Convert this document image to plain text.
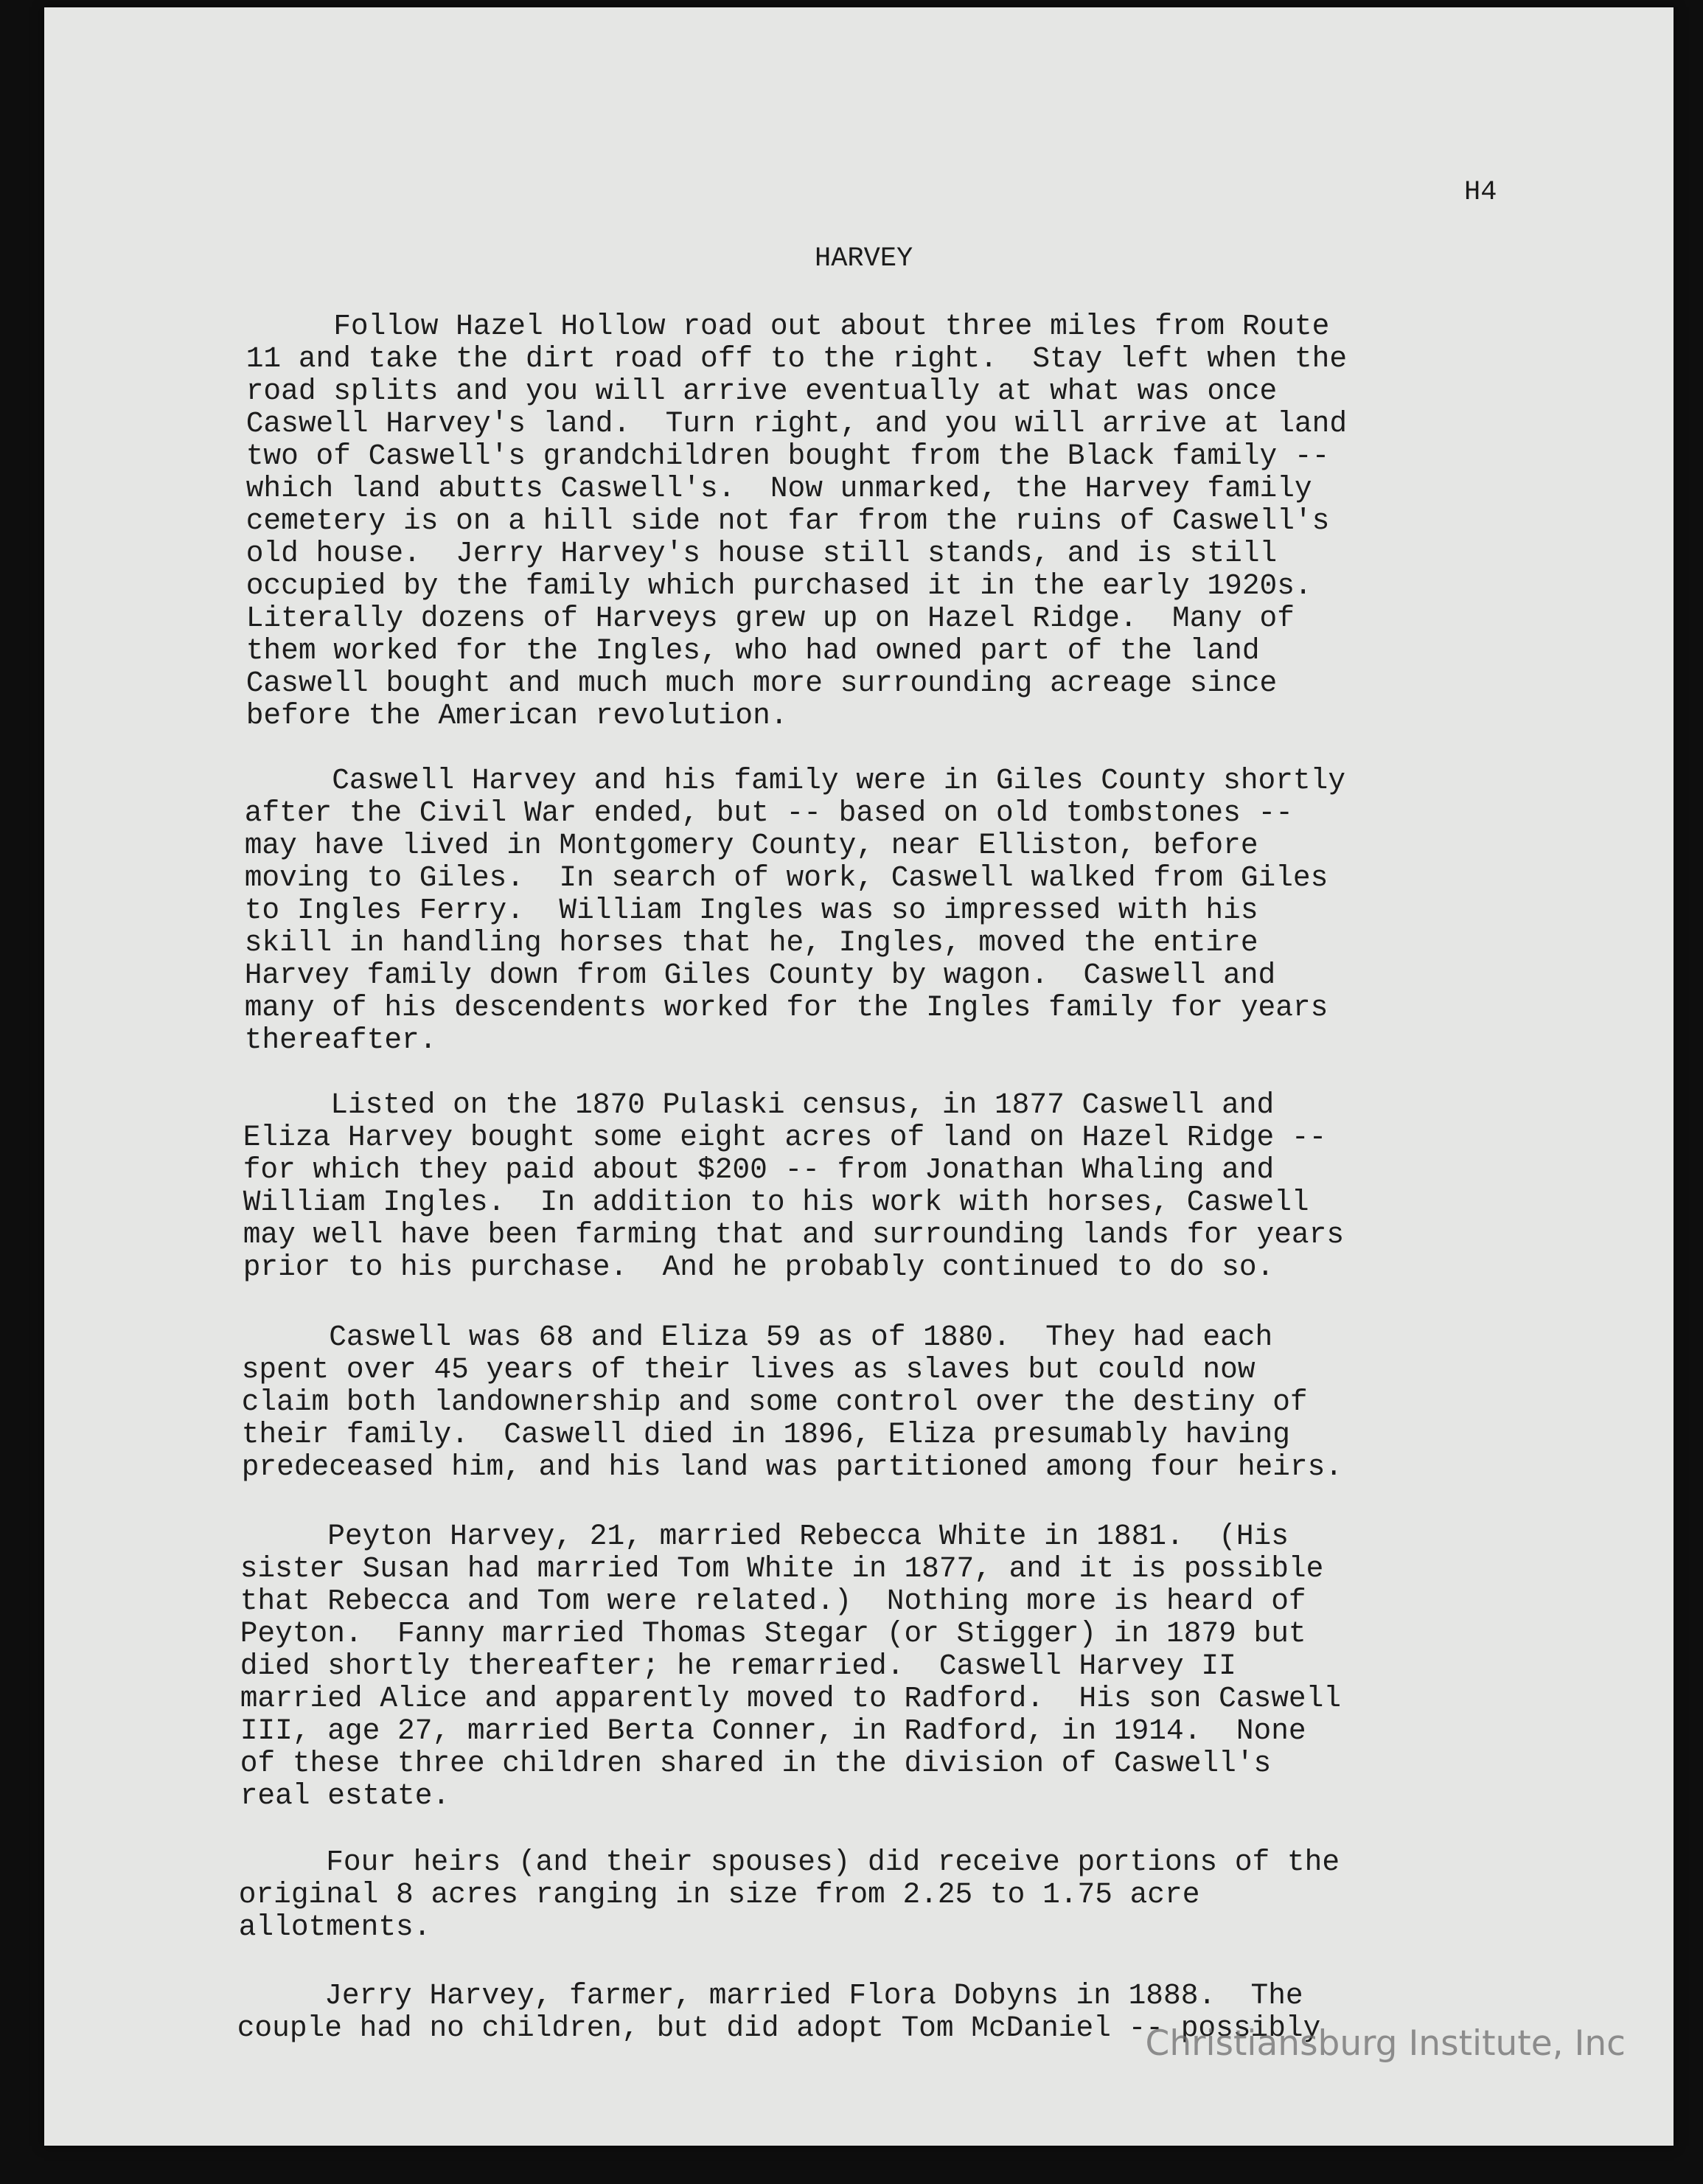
H4

HARVEY

Follow Hazel Hollow road out about three miles from Route
11 and take the dirt road off to the right.  Stay left when the
road splits and you will arrive eventually at what was once
Caswell Harvey's land.  Turn right, and you will arrive at land
two of Caswell's grandchildren bought from the Black family --
which land abutts Caswell's.  Now unmarked, the Harvey family
cemetery is on a hill side not far from the ruins of Caswell's
old house.  Jerry Harvey's house still stands, and is still
occupied by the family which purchased it in the early 1920s.
Literally dozens of Harveys grew up on Hazel Ridge.  Many of
them worked for the Ingles, who had owned part of the land
Caswell bought and much much more surrounding acreage since
before the American revolution.

Caswell Harvey and his family were in Giles County shortly
after the Civil War ended, but -- based on old tombstones --
may have lived in Montgomery County, near Elliston, before
moving to Giles.  In search of work, Caswell walked from Giles
to Ingles Ferry.  William Ingles was so impressed with his
skill in handling horses that he, Ingles, moved the entire
Harvey family down from Giles County by wagon.  Caswell and
many of his descendents worked for the Ingles family for years
thereafter.

Listed on the 1870 Pulaski census, in 1877 Caswell and
Eliza Harvey bought some eight acres of land on Hazel Ridge --
for which they paid about $200 -- from Jonathan Whaling and
William Ingles.  In addition to his work with horses, Caswell
may well have been farming that and surrounding lands for years
prior to his purchase.  And he probably continued to do so.

Caswell was 68 and Eliza 59 as of 1880.  They had each
spent over 45 years of their lives as slaves but could now
claim both landownership and some control over the destiny of
their family.  Caswell died in 1896, Eliza presumably having
predeceased him, and his land was partitioned among four heirs.

Peyton Harvey, 21, married Rebecca White in 1881.  (His
sister Susan had married Tom White in 1877, and it is possible
that Rebecca and Tom were related.)  Nothing more is heard of
Peyton.  Fanny married Thomas Stegar (or Stigger) in 1879 but
died shortly thereafter; he remarried.  Caswell Harvey II
married Alice and apparently moved to Radford.  His son Caswell
III, age 27, married Berta Conner, in Radford, in 1914.  None
of these three children shared in the division of Caswell's
real estate.

Four heirs (and their spouses) did receive portions of the
original 8 acres ranging in size from 2.25 to 1.75 acre
allotments.

Jerry Harvey, farmer, married Flora Dobyns in 1888.  The
couple had no children, but did adopt Tom McDaniel -- possibly

Christiansburg Institute, Inc
